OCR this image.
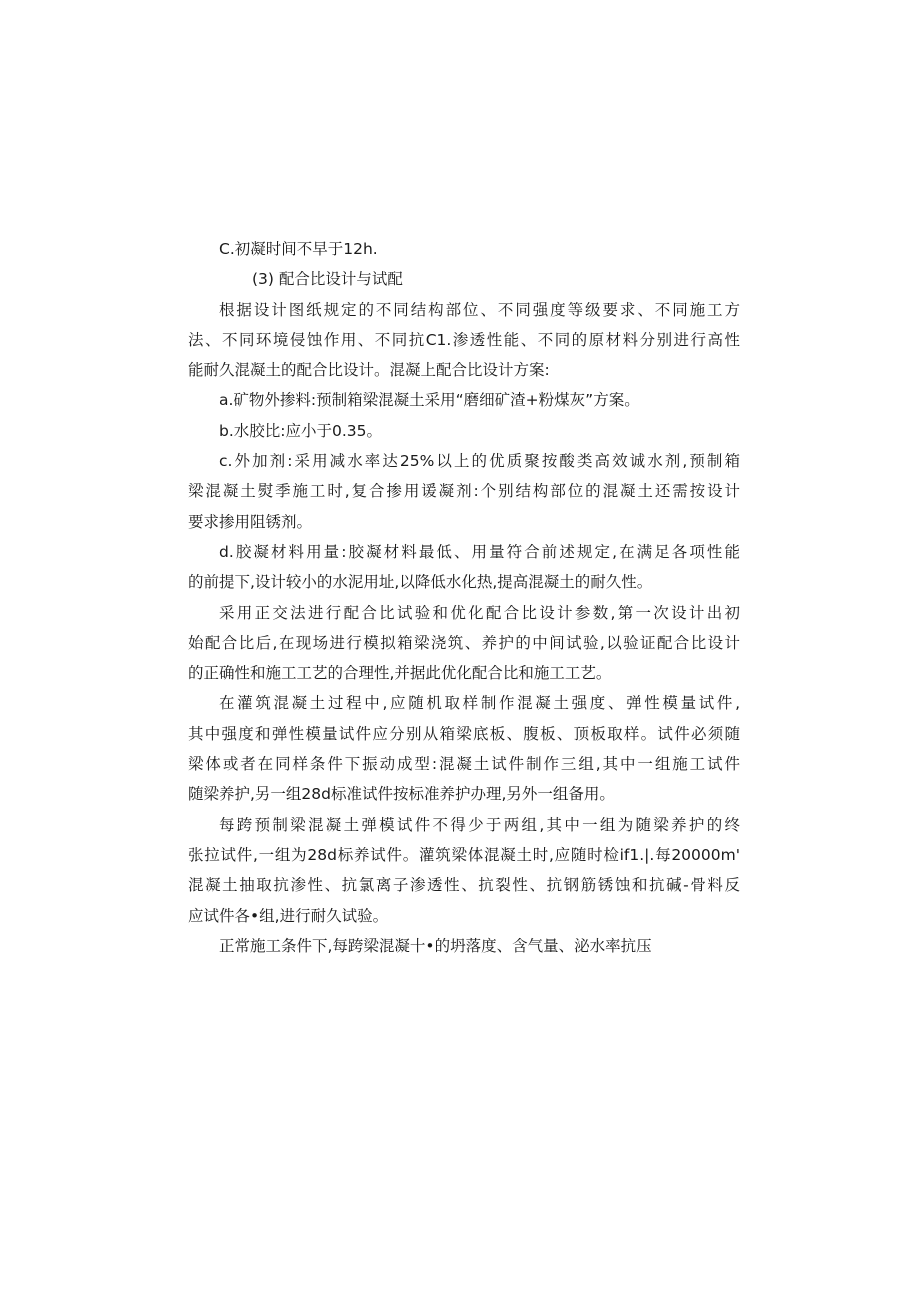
C.初凝时间不早于12h.
(3) 配合比设计与试配
根据设计图纸规定的不同结构部位、不同强度等级要求、不同施工方
法、不同环境侵蚀作用、不同抗C1.渗透性能、不同的原材料分别进行高性
能耐久混凝土的配合比设计。混凝上配合比设计方案:
a.矿物外掺料:预制箱梁混凝土采用“磨细矿渣+粉煤灰”方案。
b.水胶比:应小于0.35。
c.外加剂:采用减水率达25%以上的优质聚按酸类高效诚水剂,预制箱
梁混凝土熨季施工时,复合掺用谖凝剂:个别结构部位的混凝土还需按设计
要求掺用阻锈剂。
d.胶凝材料用量:胶凝材料最低、用量符合前述规定,在满足各项性能
的前提下,设计较小的水泥用址,以降低水化热,提高混凝土的耐久性。
采用正交法进行配合比试验和优化配合比设计参数,第一次设计出初
始配合比后,在现场进行模拟箱梁浇筑、养护的中间试验,以验证配合比设计
的正确性和施工工艺的合理性,并据此优化配合比和施工工艺。
在灌筑混凝土过程中,应随机取样制作混凝土强度、弹性模量试件,
其中强度和弹性模量试件应分别从箱梁底板、腹板、顶板取样。试件必须随
梁体或者在同样条件下振动成型:混凝土试件制作三组,其中一组施工试件
随梁养护,另一组28d标准试件按标准养护办理,另外一组备用。
每跨预制梁混凝土弹模试件不得少于两组,其中一组为随梁养护的终
张拉试件,一组为28d标养试件。灌筑梁体混凝土时,应随时检if1.|.每20000m'
混凝土抽取抗渗性、抗氯离子渗透性、抗裂性、抗钢筋锈蚀和抗碱-骨料反
应试件各•组,进行耐久试验。
正常施工条件下,每跨梁混凝十•的坍落度、含气量、泌水率抗压
